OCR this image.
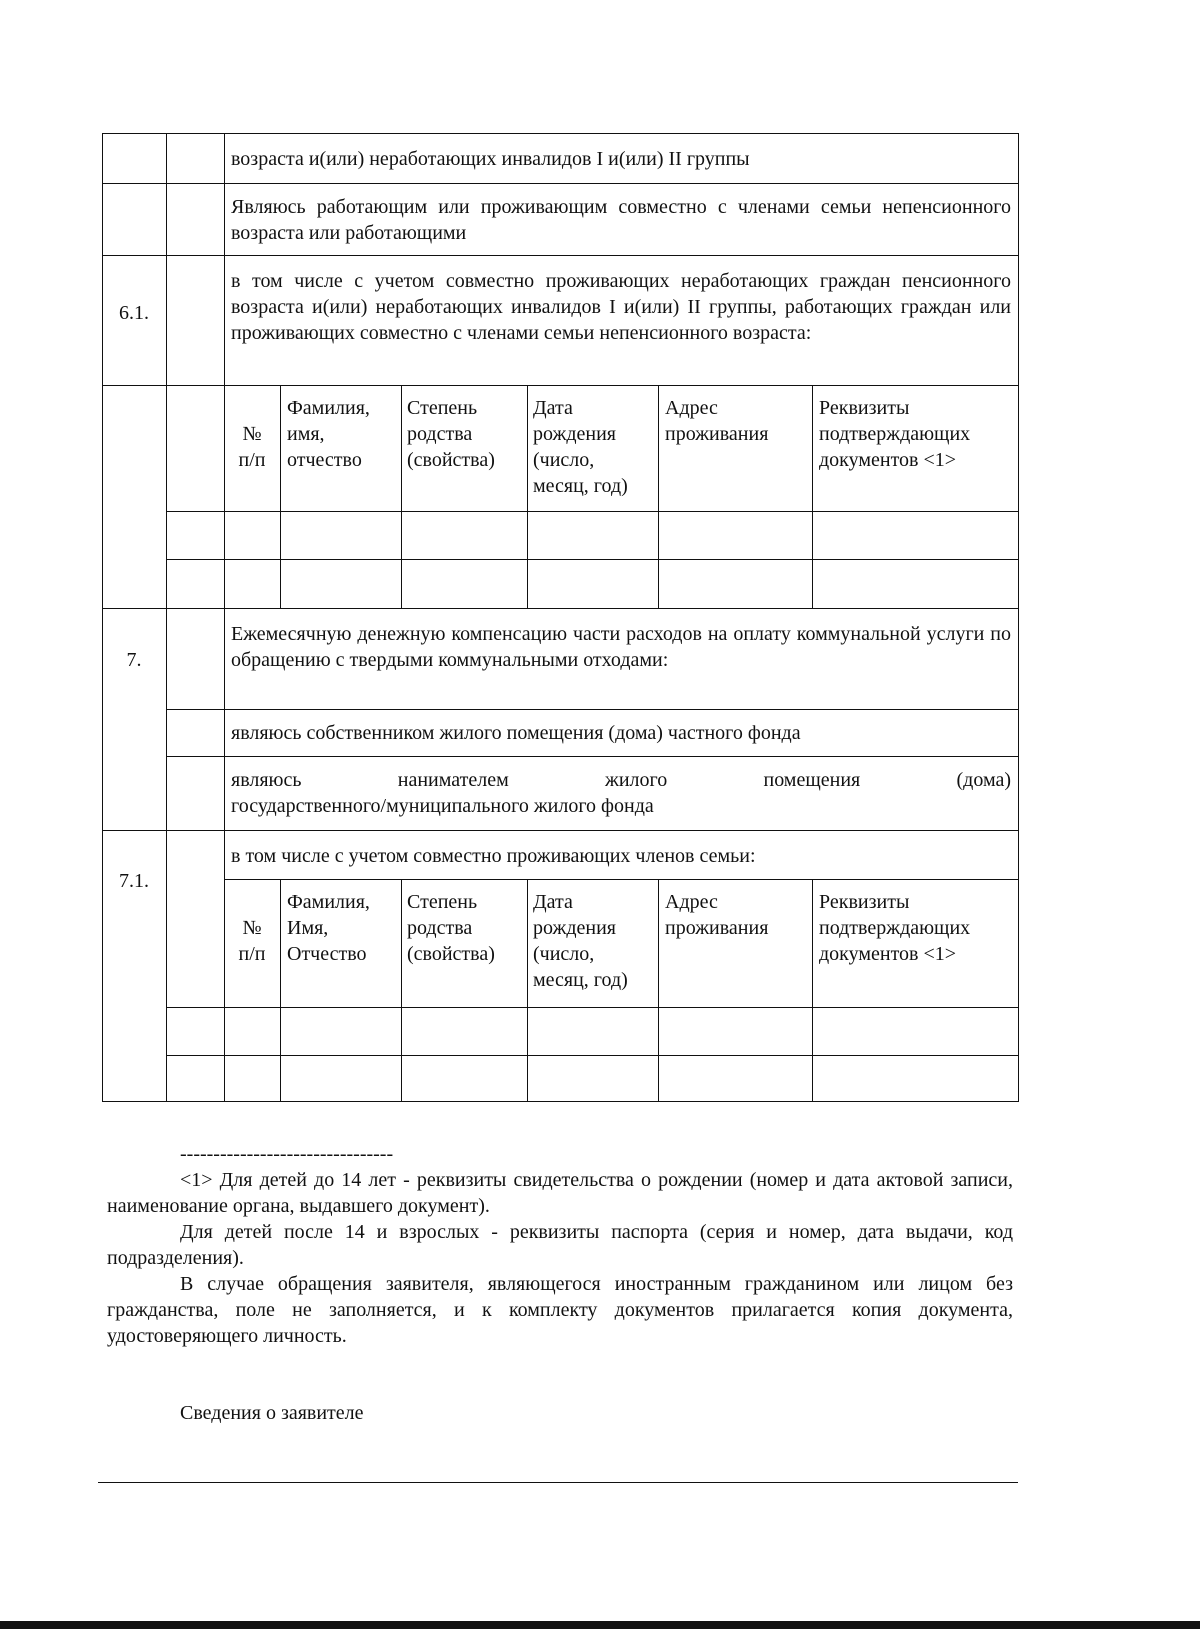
возраста и(или) неработающих инвалидов I и(или) II группы
Являюсь работающим или проживающим совместно с членами семьи непенсионного возраста или работающими
6.1.
в том числе с учетом совместно проживающих неработающих граждан пенсионного возраста и(или) неработающих инвалидов I и(или) II группы, работающих граждан или проживающих совместно с членами семьи непенсионного возраста:
№ п/п
Фамилия, имя, отчество
Степень родства (свойства)
Дата рождения (число, месяц, год)
Адрес проживания
Реквизиты подтверждающих документов <1>
7.
Ежемесячную денежную компенсацию части расходов на оплату коммунальной услуги по обращению с твердыми коммунальными отходами:
являюсь собственником жилого помещения (дома) частного фонда
являюсь нанимателем жилого помещения (дома)
государственного/муниципального жилого фонда
7.1.
в том числе с учетом совместно проживающих членов семьи:
№ п/п
Фамилия, Имя, Отчество
Степень родства (свойства)
Дата рождения (число, месяц, год)
Адрес проживания
Реквизиты подтверждающих документов <1>
--------------------------------

<1> Для детей до 14 лет - реквизиты свидетельства о рождении (номер и дата актовой записи, наименование органа, выдавшего документ).

Для детей после 14 и взрослых - реквизиты паспорта (серия и номер, дата выдачи, код подразделения).

В случае обращения заявителя, являющегося иностранным гражданином или лицом без гражданства, поле не заполняется, и к комплекту документов прилагается копия документа, удостоверяющего личность.

Сведения о заявителе
